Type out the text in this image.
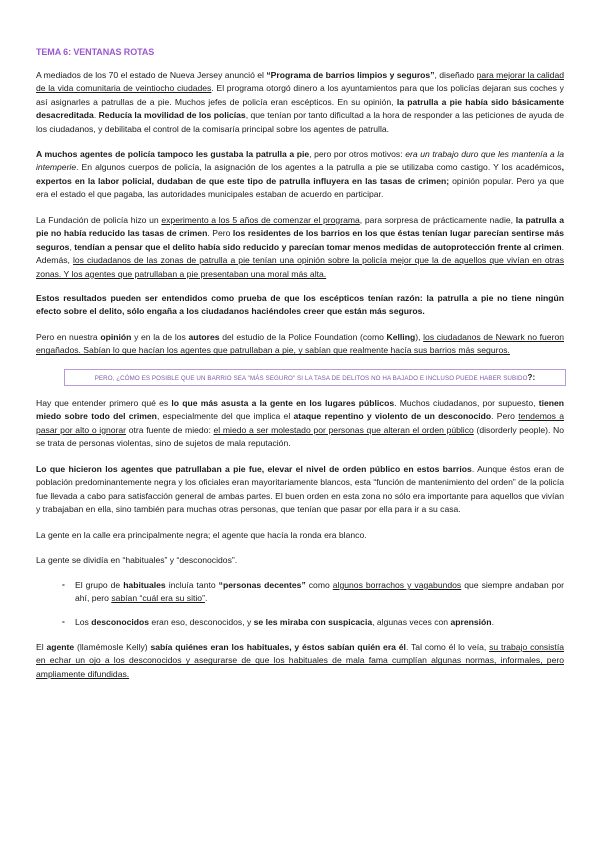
TEMA 6: VENTANAS ROTAS

A mediados de los 70 el estado de Nueva Jersey anunció el “Programa de barrios limpios y seguros”, diseñado para mejorar la calidad de la vida comunitaria de veintiocho ciudades. El programa otorgó dinero a los ayuntamientos para que los policías dejaran sus coches y así asignarles a patrullas de a pie. Muchos jefes de policía eran escépticos. En su opinión, la patrulla a pie había sido básicamente desacreditada. Reducía la movilidad de los policías, que tenían por tanto dificultad a la hora de responder a las peticiones de ayuda de los ciudadanos, y debilitaba el control de la comisaría principal sobre los agentes de patrulla.

A muchos agentes de policía tampoco les gustaba la patrulla a pie, pero por otros motivos: era un trabajo duro que les mantenía a la intemperie. En algunos cuerpos de policía, la asignación de los agentes a la patrulla a pie se utilizaba como castigo. Y los académicos, expertos en la labor policial, dudaban de que este tipo de patrulla influyera en las tasas de crimen; opinión popular. Pero ya que era el estado el que pagaba, las autoridades municipales estaban de acuerdo en participar.

La Fundación de policía hizo un experimento a los 5 años de comenzar el programa, para sorpresa de prácticamente nadie, la patrulla a pie no había reducido las tasas de crimen. Pero los residentes de los barrios en los que éstas tenían lugar parecían sentirse más seguros, tendían a pensar que el delito había sido reducido y parecían tomar menos medidas de autoprotección frente al crimen. Además, los ciudadanos de las zonas de patrulla a pie tenían una opinión sobre la policía mejor que la de aquellos que vivían en otras zonas. Y los agentes que patrullaban a pie presentaban una moral más alta.

Estos resultados pueden ser entendidos como prueba de que los escépticos tenían razón: la patrulla a pie no tiene ningún efecto sobre el delito, sólo engaña a los ciudadanos haciéndoles creer que están más seguros.

PERO, ¿CÓMO ES POSIBLE QUE UN BARRIO SEA "MÁS SEGURO" SI LA TASA DE DELITOS NO HA BAJADO E INCLUSO PUEDE HABER SUBIDO?:

Pero en nuestra opinión y en la de los autores del estudio de la Police Foundation (como Kelling), los ciudadanos de Newark no fueron engañados. Sabían lo que hacían los agentes que patrullaban a pie, y sabían que realmente hacía sus barrios más seguros.

Hay que entender primero qué es lo que más asusta a la gente en los lugares públicos. Muchos ciudadanos, por supuesto, tienen miedo sobre todo del crimen, especialmente del que implica el ataque repentino y violento de un desconocido. Pero tendemos a pasar por alto o ignorar otra fuente de miedo: el miedo a ser molestado por personas que alteran el orden público (disorderly people). No se trata de personas violentas, sino de sujetos de mala reputación.

Lo que hicieron los agentes que patrullaban a pie fue, elevar el nivel de orden público en estos barrios. Aunque éstos eran de población predominantemente negra y los oficiales eran mayoritariamente blancos, esta “función de mantenimiento del orden” de la policía fue llevada a cabo para satisfacción general de ambas partes. El buen orden en esta zona no sólo era importante para aquellos que vivían y trabajaban en ella, sino también para muchas otras personas, que tenían que pasar por ella para ir a su casa.

La gente en la calle era principalmente negra; el agente que hacía la ronda era blanco.

La gente se dividía en “habituales” y “desconocidos”.

- El grupo de habituales incluía tanto “personas decentes” como algunos borrachos y vagabundos que siempre andaban por ahí, pero sabían “cuál era su sitio”.

- Los desconocidos eran eso, desconocidos, y se les miraba con suspicacia, algunas veces con aprensión.

El agente (llamémosle Kelly) sabía quiénes eran los habituales, y éstos sabían quién era él. Tal como él lo veía, su trabajo consistía en echar un ojo a los desconocidos y asegurarse de que los habituales de mala fama cumplían algunas normas, informales, pero ampliamente difundidas.
